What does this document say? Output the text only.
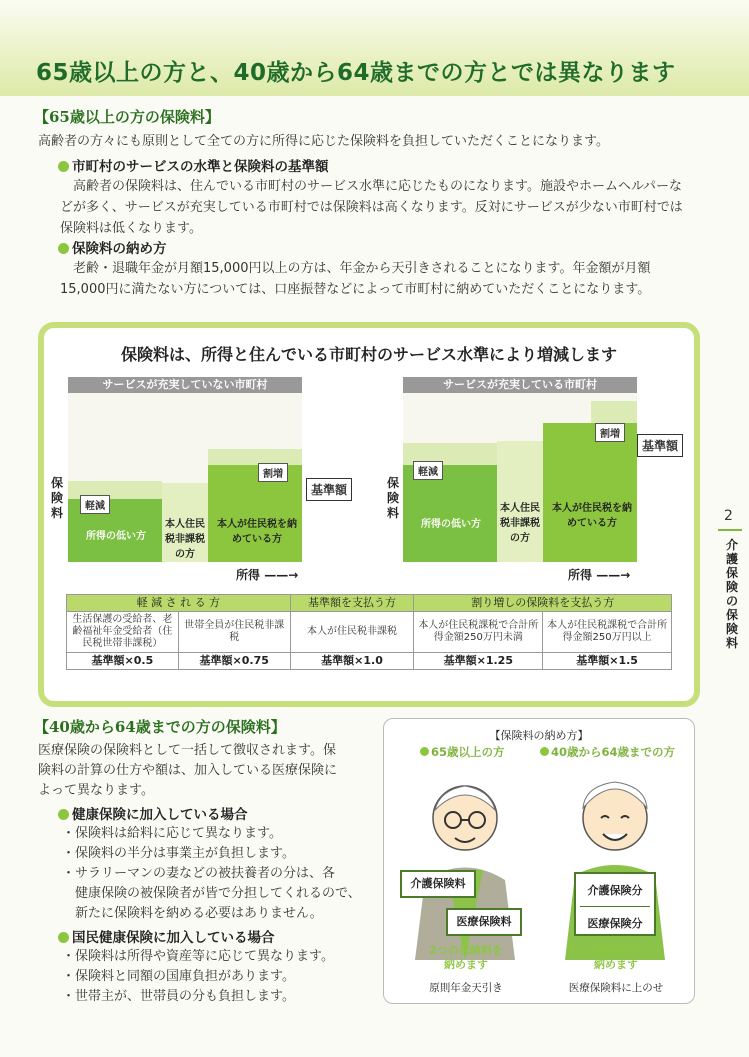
65歳以上の方と、40歳から64歳までの方とでは異なります
【65歳以上の方の保険料】
高齢者の方々にも原則として全ての方に所得に応じた保険料を負担していただくことになります。
市町村のサービスの水準と保険料の基準額
高齢者の保険料は、住んでいる市町村のサービス水準に応じたものになります。施設やホームヘルパーなどが多く、サービスが充実している市町村では保険料は高くなります。反対にサービスが少ない市町村では保険料は低くなります。
保険料の納め方
老齢・退職年金が月額15,000円以上の方は、年金から天引きされることになります。年金額が月額15,000円に満たない方については、口座振替などによって市町村に納めていただくことになります。
保険料は、所得と住んでいる市町村のサービス水準により増減します
サービスが充実していない市町村
軽減
割増
所得の低い方
本人住民税非課税の方
本人が住民税を納めている方
基準額
保険料
所得 ——→
サービスが充実している市町村
軽減
割増
所得の低い方
本人住民税非課税の方
本人が住民税を納めている方
基準額
保険料
所得 ——→
軽 減 さ れ る 方		基準額を支払う方	割り増しの保険料を支払う方	
生活保護の受給者、老齢福祉年金受給者（住民税世帯非課税）	世帯全員が住民税非課税	本人が住民税非課税	本人が住民税課税で合計所得金額250万円未満	本人が住民税課税で合計所得金額250万円以上
基準額×0.5	基準額×0.75	基準額×1.0	基準額×1.25	基準額×1.5
2
介護保険の保険料
【40歳から64歳までの方の保険料】
医療保険の保険料として一括して徴収されます。保
険料の計算の仕方や額は、加入している医療保険に
よって異なります。
健康保険に加入している場合
・保険料は給料に応じて異なります。
・保険料の半分は事業主が負担します。
・サラリーマンの妻などの被扶養者の分は、各
　健康保険の被保険者が皆で分担してくれるので、
　新たに保険料を納める必要はありません。
国民健康保険に加入している場合
・保険料は所得や資産等に応じて異なります。
・保険料と同額の国庫負担があります。
・世帯主が、世帯員の分も負担します。
【保険料の納め方】
65歳以上の方	40歳から64歳までの方
介護保険料
医療保険料
介護保険分
医療保険分
2つの保険料を
納めます
1つの保険料として
納めます
原則年金天引き	医療保険料に上のせ
